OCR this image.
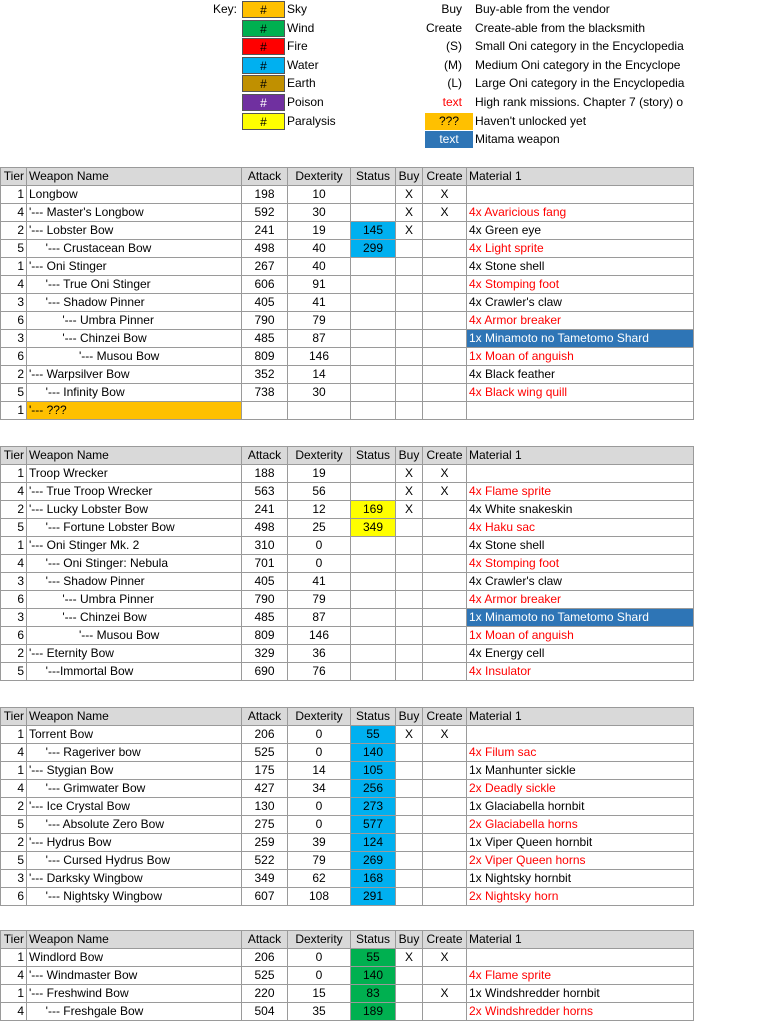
Key:	#	Sky
#	Wind
#	Fire
#	Water
#	Earth
#	Poison
#	Paralysis
Buy Buy-able from the vendor
Create Create-able from the blacksmith
(S) Small Oni category in the Encyclopedia
(M) Medium Oni category in the Encyclope
(L) Large Oni category in the Encyclopedia
text High rank missions. Chapter 7 (story) o
???	Haven't unlocked yet
text	Mitama weapon
Tier	Weapon Name	Attack	Dexterity	Status	Buy	Create	Material 1
1	Longbow	198	10		X	X	
4	'--- Master's Longbow	592	30		X	X	4x Avaricious fang
2	'--- Lobster Bow	241	19	145	X		4x Green eye
5	'--- Crustacean Bow	498	40	299			4x Light sprite
1	'--- Oni Stinger	267	40				4x Stone shell
4	'--- True Oni Stinger	606	91				4x Stomping foot
3	'--- Shadow Pinner	405	41				4x Crawler's claw
6	'--- Umbra Pinner	790	79				4x Armor breaker
3	'--- Chinzei Bow	485	87				1x Minamoto no Tametomo Shard
6	'--- Musou Bow	809	146				1x Moan of anguish
2	'--- Warpsilver Bow	352	14				4x Black feather
5	'--- Infinity Bow	738	30				4x Black wing quill
1	'--- ???						
Tier	Weapon Name	Attack	Dexterity	Status	Buy	Create	Material 1
1	Troop Wrecker	188	19		X	X	
4	'--- True Troop Wrecker	563	56		X	X	4x Flame sprite
2	'--- Lucky Lobster Bow	241	12	169	X		4x White snakeskin
5	'--- Fortune Lobster Bow	498	25	349			4x Haku sac
1	'--- Oni Stinger Mk. 2	310	0				4x Stone shell
4	'--- Oni Stinger: Nebula	701	0				4x Stomping foot
3	'--- Shadow Pinner	405	41				4x Crawler's claw
6	'--- Umbra Pinner	790	79				4x Armor breaker
3	'--- Chinzei Bow	485	87				1x Minamoto no Tametomo Shard
6	'--- Musou Bow	809	146				1x Moan of anguish
2	'--- Eternity Bow	329	36				4x Energy cell
5	'---Immortal Bow	690	76				4x Insulator
Tier	Weapon Name	Attack	Dexterity	Status	Buy	Create	Material 1
1	Torrent Bow	206	0	55	X	X	
4	'--- Rageriver bow	525	0	140			4x Filum sac
1	'--- Stygian Bow	175	14	105			1x Manhunter sickle
4	'--- Grimwater Bow	427	34	256			2x Deadly sickle
2	'--- Ice Crystal Bow	130	0	273			1x Glaciabella hornbit
5	'--- Absolute Zero Bow	275	0	577			2x Glaciabella horns
2	'--- Hydrus Bow	259	39	124			1x Viper Queen hornbit
5	'--- Cursed Hydrus Bow	522	79	269			2x Viper Queen horns
3	'--- Darksky Wingbow	349	62	168			1x Nightsky hornbit
6	'--- Nightsky Wingbow	607	108	291			2x Nightsky horn
Tier	Weapon Name	Attack	Dexterity	Status	Buy	Create	Material 1
1	Windlord Bow	206	0	55	X	X	
4	'--- Windmaster Bow	525	0	140			4x Flame sprite
1	'--- Freshwind Bow	220	15	83		X	1x Windshredder hornbit
4	'--- Freshgale Bow	504	35	189			2x Windshredder horns
